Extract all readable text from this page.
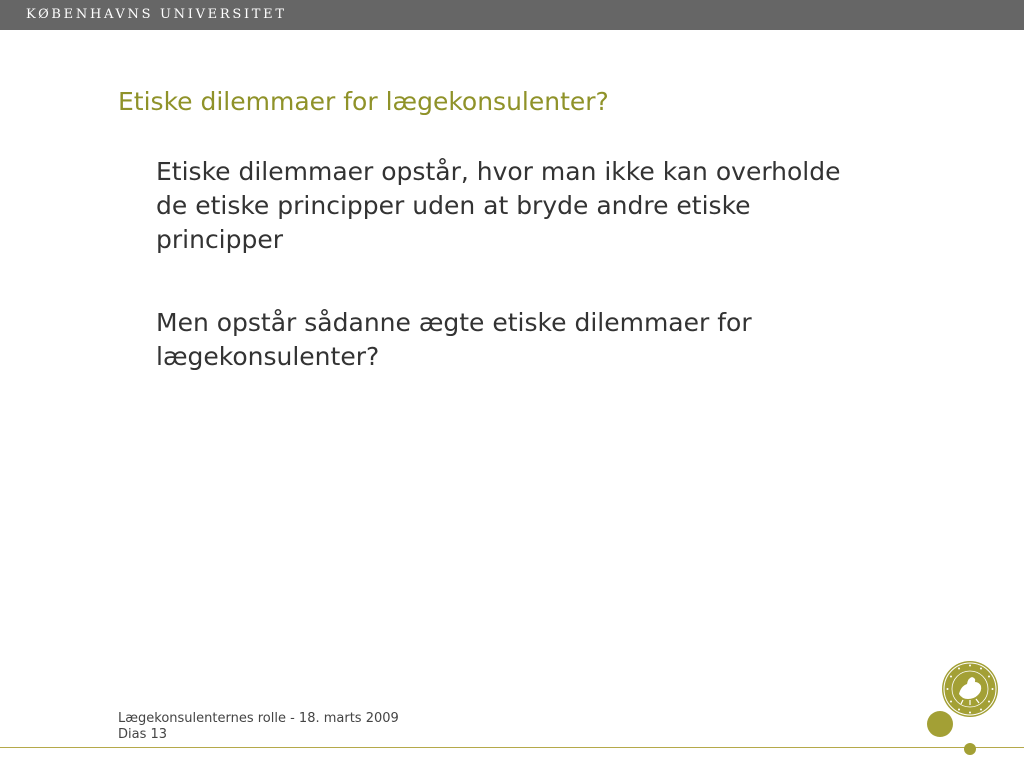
KØBENHAVNS UNIVERSITET
Etiske dilemmaer for lægekonsulenter?

Etiske dilemmaer opstår, hvor man ikke kan overholde de etiske principper uden at bryde andre etiske principper

Men opstår sådanne ægte etiske dilemmaer for lægekonsulenter?

Lægekonsulenternes rolle - 18. marts 2009
Dias 13
